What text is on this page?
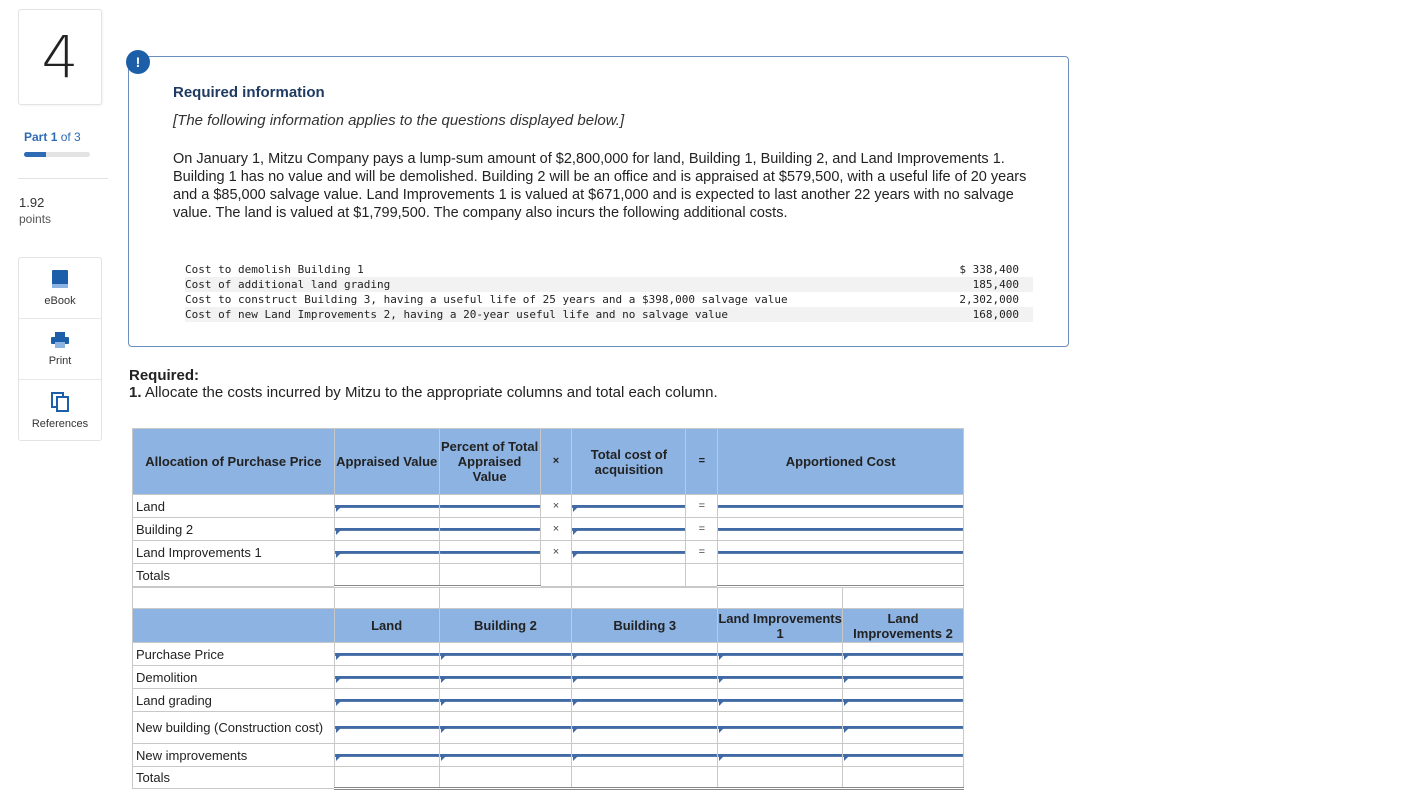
4
Part 1 of 3
1.92
points
eBook
Print
References
Required information
[The following information applies to the questions displayed below.]
On January 1, Mitzu Company pays a lump-sum amount of $2,800,000 for land, Building 1, Building 2, and Land Improvements 1. Building 1 has no value and will be demolished. Building 2 will be an office and is appraised at $579,500, with a useful life of 20 years and a $85,000 salvage value. Land Improvements 1 is valued at $671,000 and is expected to last another 22 years with no salvage value. The land is valued at $1,799,500. The company also incurs the following additional costs.
Cost to demolish Building 1	$ 338,400
Cost of additional land grading	185,400
Cost to construct Building 3, having a useful life of 25 years and a $398,000 salvage value	2,302,000
Cost of new Land Improvements 2, having a 20-year useful life and no salvage value	168,000
!
Required:
1. Allocate the costs incurred by Mitzu to the appropriate columns and total each column.
Allocation of Purchase Price	Appraised Value	Percent of Total Appraised Value	×	Total cost of acquisition	=	Apportioned Cost
Land			×		=	

Building 2			×		=	

Land Improvements 1			×		=	

Totals	

	Land	Building 2	Building 3	Land Improvements 1	Land Improvements 2
Purchase Price	

Demolition	

Land grading	

New building (Construction cost)	

New improvements	

Totals	
